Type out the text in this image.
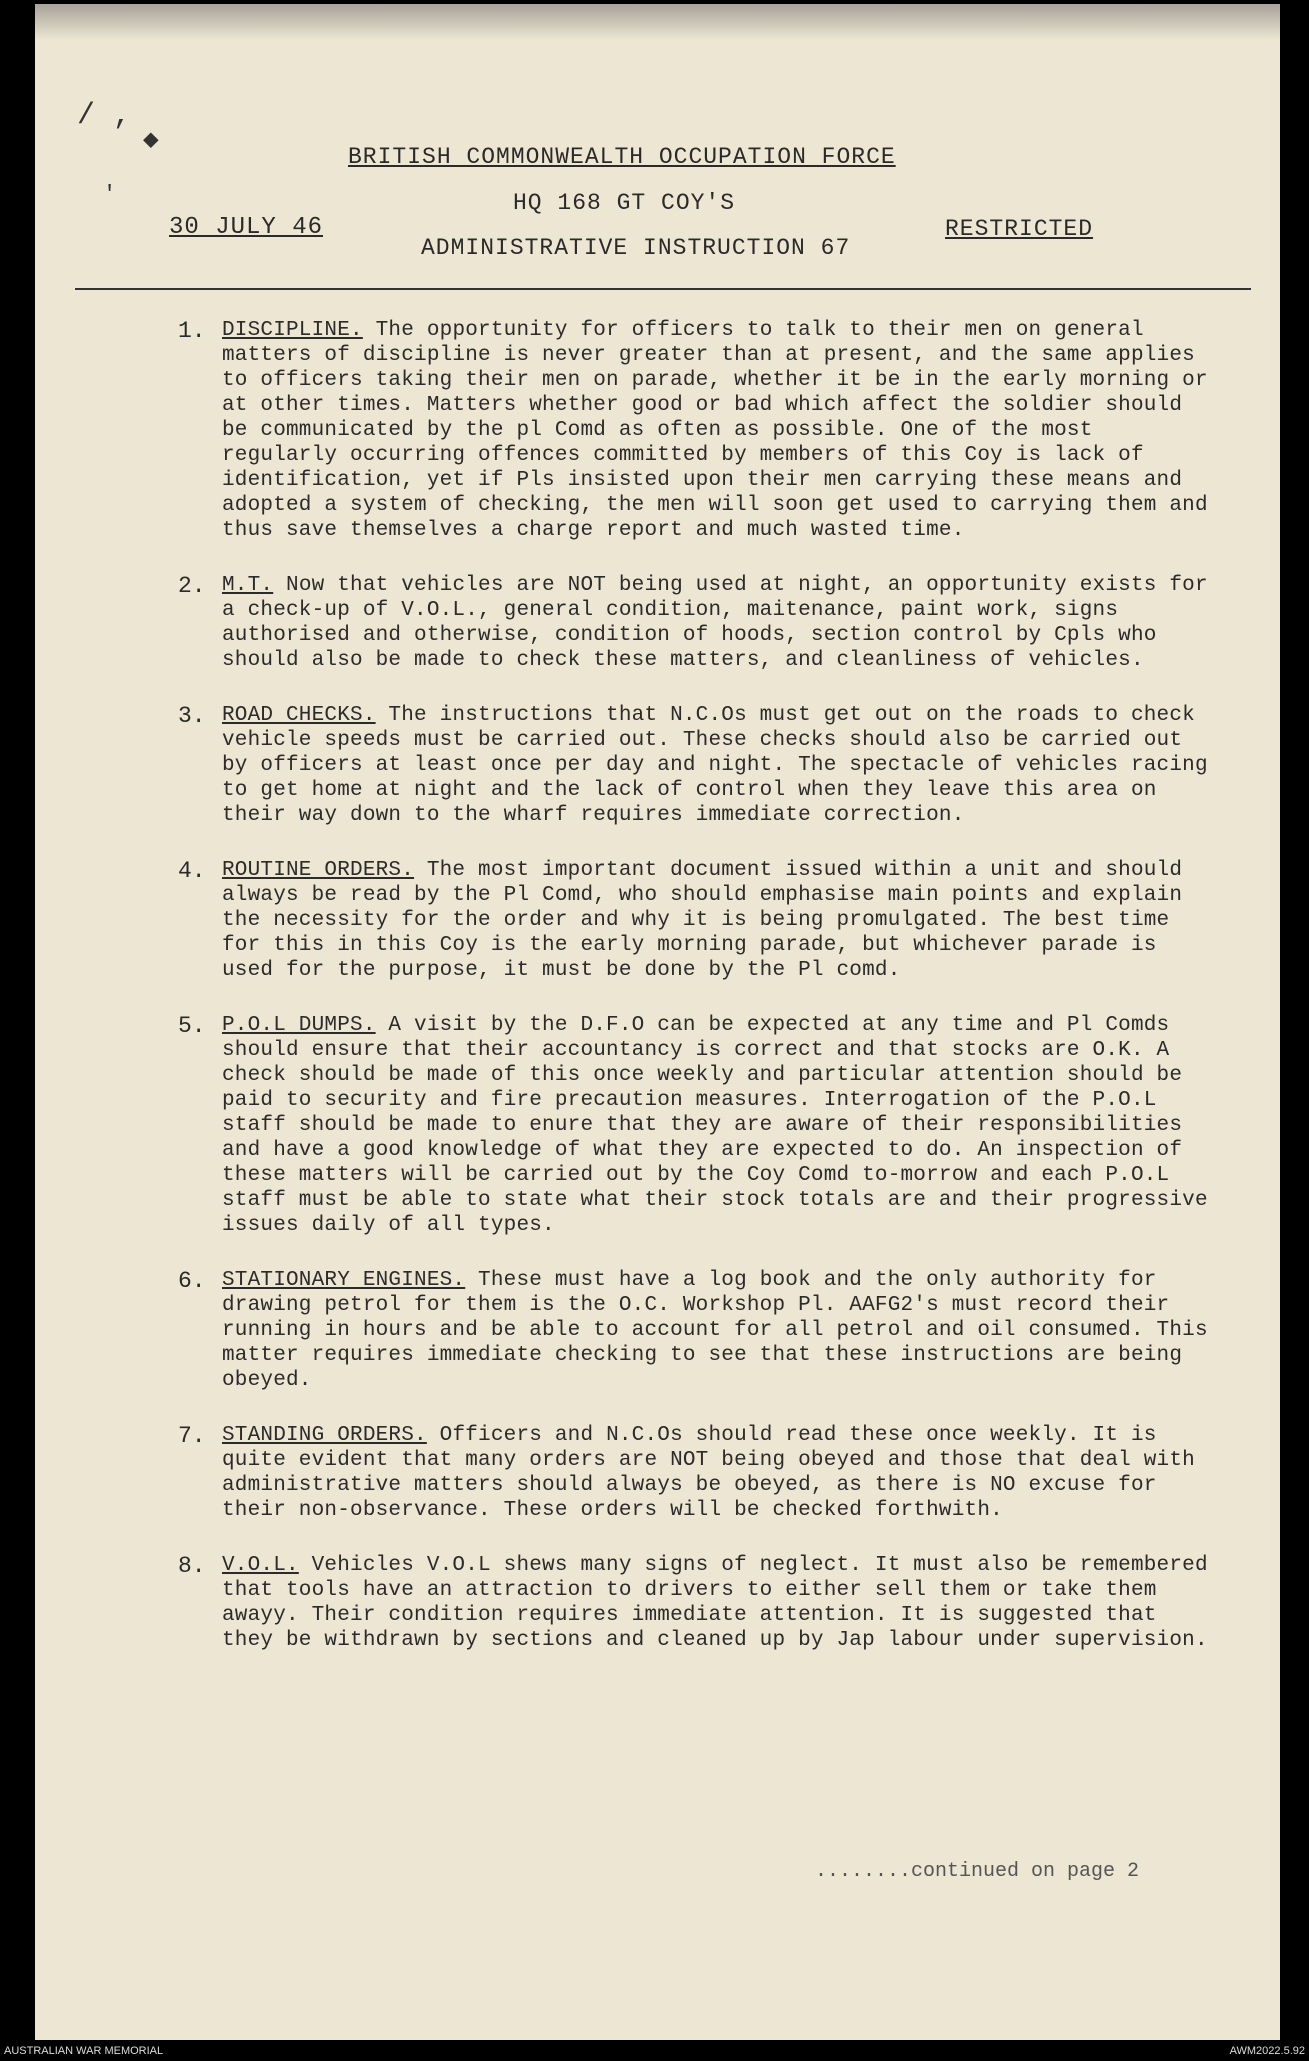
/ ,
◆
'
BRITISH COMMONWEALTH OCCUPATION FORCE
HQ 168 GT COY'S
30 JULY 46	RESTRICTED
ADMINISTRATIVE INSTRUCTION 67
1. DISCIPLINE. The opportunity for officers to talk to their men on general matters of discipline is never greater than at present, and the same applies to officers taking their men on parade, whether it be in the early morning or at other times. Matters whether good or bad which affect the soldier should be communicated by the pl Comd as often as possible. One of the most regularly occurring offences committed by members of this Coy is lack of identification, yet if Pls insisted upon their men carrying these means and adopted a system of checking, the men will soon get used to carrying them and thus save themselves a charge report and much wasted time.

2. M.T. Now that vehicles are NOT being used at night, an opportunity exists for a check-up of V.O.L., general condition, maitenance, paint work, signs authorised and otherwise, condition of hoods, section control by Cpls who should also be made to check these matters, and cleanliness of vehicles.

3. ROAD CHECKS. The instructions that N.C.Os must get out on the roads to check vehicle speeds must be carried out. These checks should also be carried out by officers at least once per day and night. The spectacle of vehicles racing to get home at night and the lack of control when they leave this area on their way down to the wharf requires immediate correction.

4. ROUTINE ORDERS. The most important document issued within a unit and should always be read by the Pl Comd, who should emphasise main points and explain the necessity for the order and why it is being promulgated. The best time for this in this Coy is the early morning parade, but whichever parade is used for the purpose, it must be done by the Pl comd.

5. P.O.L DUMPS. A visit by the D.F.O can be expected at any time and Pl Comds should ensure that their accountancy is correct and that stocks are O.K. A check should be made of this once weekly and particular attention should be paid to security and fire precaution measures. Interrogation of the P.O.L staff should be made to enure that they are aware of their responsibilities and have a good knowledge of what they are expected to do. An inspection of these matters will be carried out by the Coy Comd to-morrow and each P.O.L staff must be able to state what their stock totals are and their progressive issues daily of all types.

6. STATIONARY ENGINES. These must have a log book and the only authority for drawing petrol for them is the O.C. Workshop Pl. AAFG2's must record their running in hours and be able to account for all petrol and oil consumed. This matter requires immediate checking to see that these instructions are being obeyed.

7. STANDING ORDERS. Officers and N.C.Os should read these once weekly. It is quite evident that many orders are NOT being obeyed and those that deal with administrative matters should always be obeyed, as there is NO excuse for their non-observance. These orders will be checked forthwith.

8. V.O.L. Vehicles V.O.L shews many signs of neglect. It must also be remembered that tools have an attraction to drivers to either sell them or take them awayy. Their condition requires immediate attention. It is suggested that they be withdrawn by sections and cleaned up by Jap labour under supervision.

........continued on page 2
AUSTRALIAN WAR MEMORIAL	AWM2022.5.92
